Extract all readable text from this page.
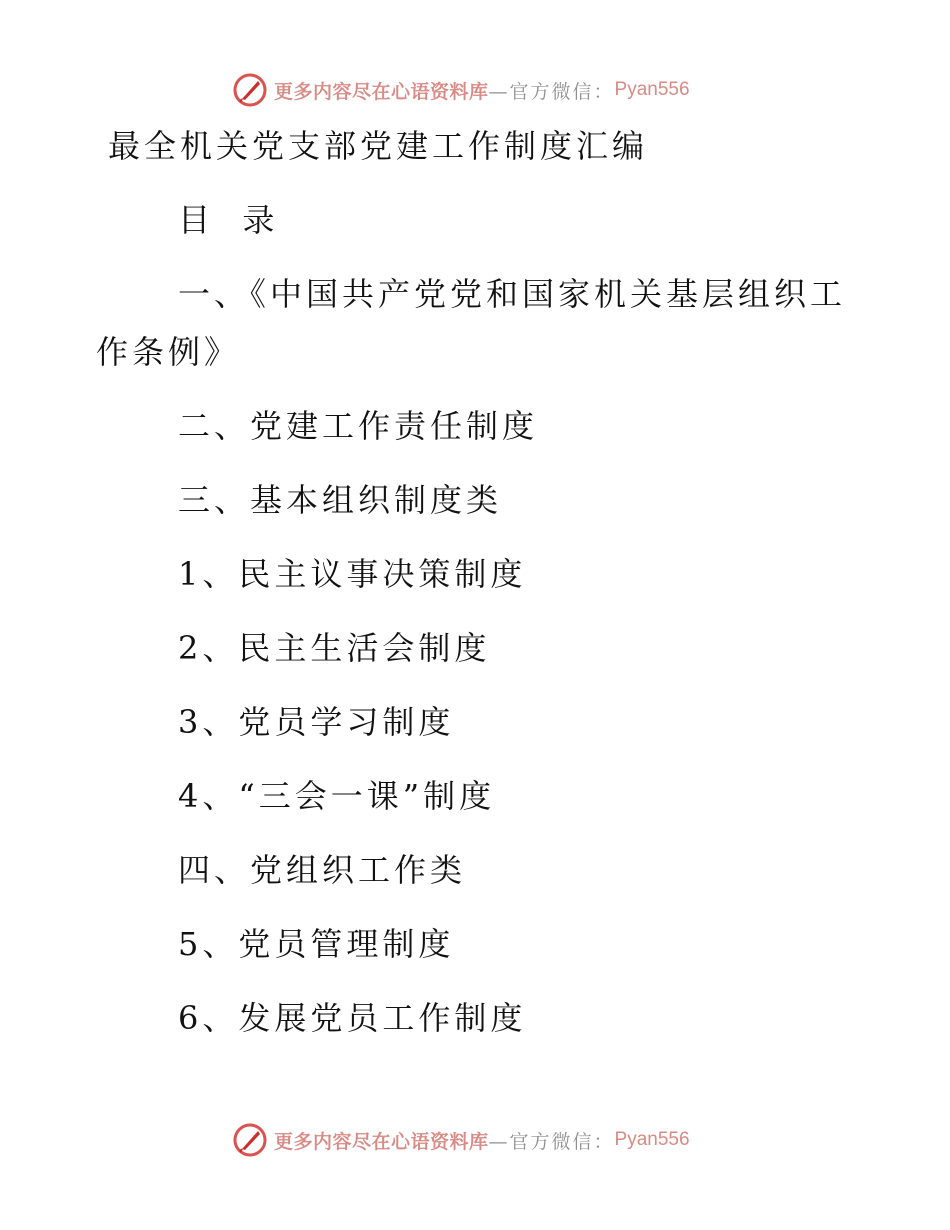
更多内容尽在心语资料库 —官方微信： Pyan556
最全机关党支部党建工作制度汇编
目  录
一、《中国共产党党和国家机关基层组织工
作条例》
二、党建工作责任制度
三、基本组织制度类
1、民主议事决策制度
2、民主生活会制度
3、党员学习制度
4、“三会一课”制度
四、党组织工作类
5、党员管理制度
6、发展党员工作制度
更多内容尽在心语资料库 —官方微信： Pyan556
